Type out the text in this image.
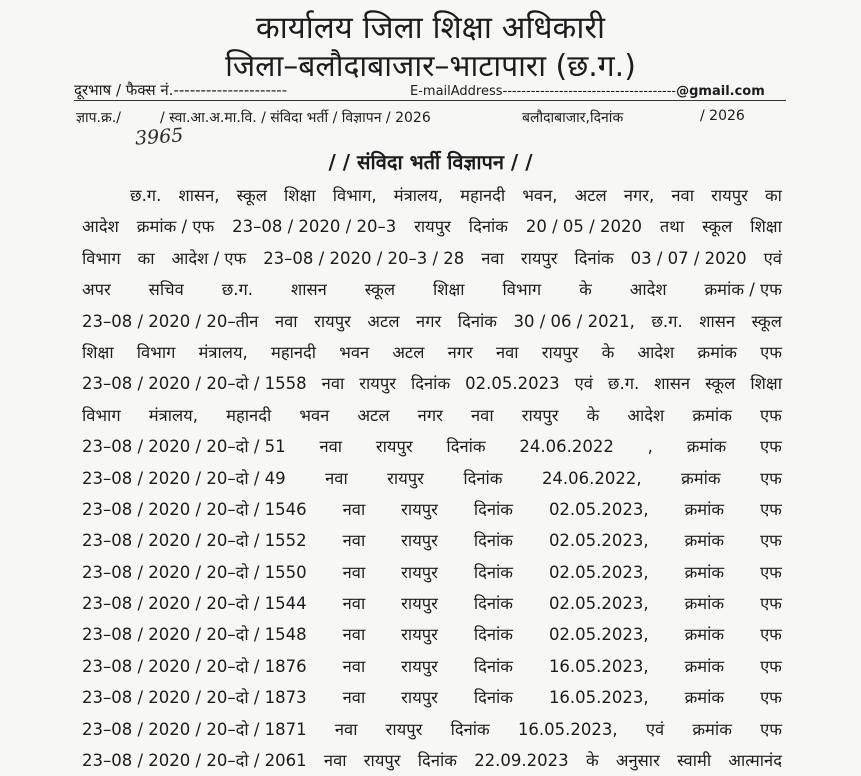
कार्यालय जिला शिक्षा अधिकारी
जिला–बलौदाबाजार–भाटापारा (छ.ग.)
दूरभाष / फैक्स नं.---------------------	E-mailAddress-------------------------------------@gmail.com
ज्ञाप.क्र./	/ स्वा.आ.अ.मा.वि. / संविदा भर्ती / विज्ञापन / 2026	बलौदाबाजार,दिनांक	/ 2026
3965
/ / संविदा भर्ती विज्ञापन / /
छ.ग. शासन, स्कूल शिक्षा विभाग, मंत्रालय, महानदी भवन, अटल नगर, नवा रायपुर का
आदेश क्रमांक / एफ 23–08 / 2020 / 20–3 रायपुर दिनांक 20 / 05 / 2020 तथा स्कूल शिक्षा
विभाग का आदेश / एफ 23–08 / 2020 / 20–3 / 28 नवा रायपुर दिनांक 03 / 07 / 2020 एवं
अपर सचिव छ.ग. शासन स्कूल शिक्षा विभाग के आदेश क्रमांक / एफ
23–08 / 2020 / 20–तीन नवा रायपुर अटल नगर दिनांक 30 / 06 / 2021, छ.ग. शासन स्कूल
शिक्षा विभाग मंत्रालय, महानदी भवन अटल नगर नवा रायपुर के आदेश क्रमांक एफ
23–08 / 2020 / 20–दो / 1558 नवा रायपुर दिनांक 02.05.2023 एवं छ.ग. शासन स्कूल शिक्षा
विभाग मंत्रालय, महानदी भवन अटल नगर नवा रायपुर के आदेश क्रमांक एफ
23–08 / 2020 / 20–दो / 51 नवा रायपुर दिनांक 24.06.2022 , क्रमांक एफ
23–08 / 2020 / 20–दो / 49 नवा रायपुर दिनांक 24.06.2022, क्रमांक एफ
23–08 / 2020 / 20–दो / 1546 नवा रायपुर दिनांक 02.05.2023, क्रमांक एफ
23–08 / 2020 / 20–दो / 1552 नवा रायपुर दिनांक 02.05.2023, क्रमांक एफ
23–08 / 2020 / 20–दो / 1550 नवा रायपुर दिनांक 02.05.2023, क्रमांक एफ
23–08 / 2020 / 20–दो / 1544 नवा रायपुर दिनांक 02.05.2023, क्रमांक एफ
23–08 / 2020 / 20–दो / 1548 नवा रायपुर दिनांक 02.05.2023, क्रमांक एफ
23–08 / 2020 / 20–दो / 1876 नवा रायपुर दिनांक 16.05.2023, क्रमांक एफ
23–08 / 2020 / 20–दो / 1873 नवा रायपुर दिनांक 16.05.2023, क्रमांक एफ
23–08 / 2020 / 20–दो / 1871 नवा रायपुर दिनांक 16.05.2023, एवं क्रमांक एफ
23–08 / 2020 / 20–दो / 2061 नवा रायपुर दिनांक 22.09.2023 के अनुसार स्वामी आत्मानंद
